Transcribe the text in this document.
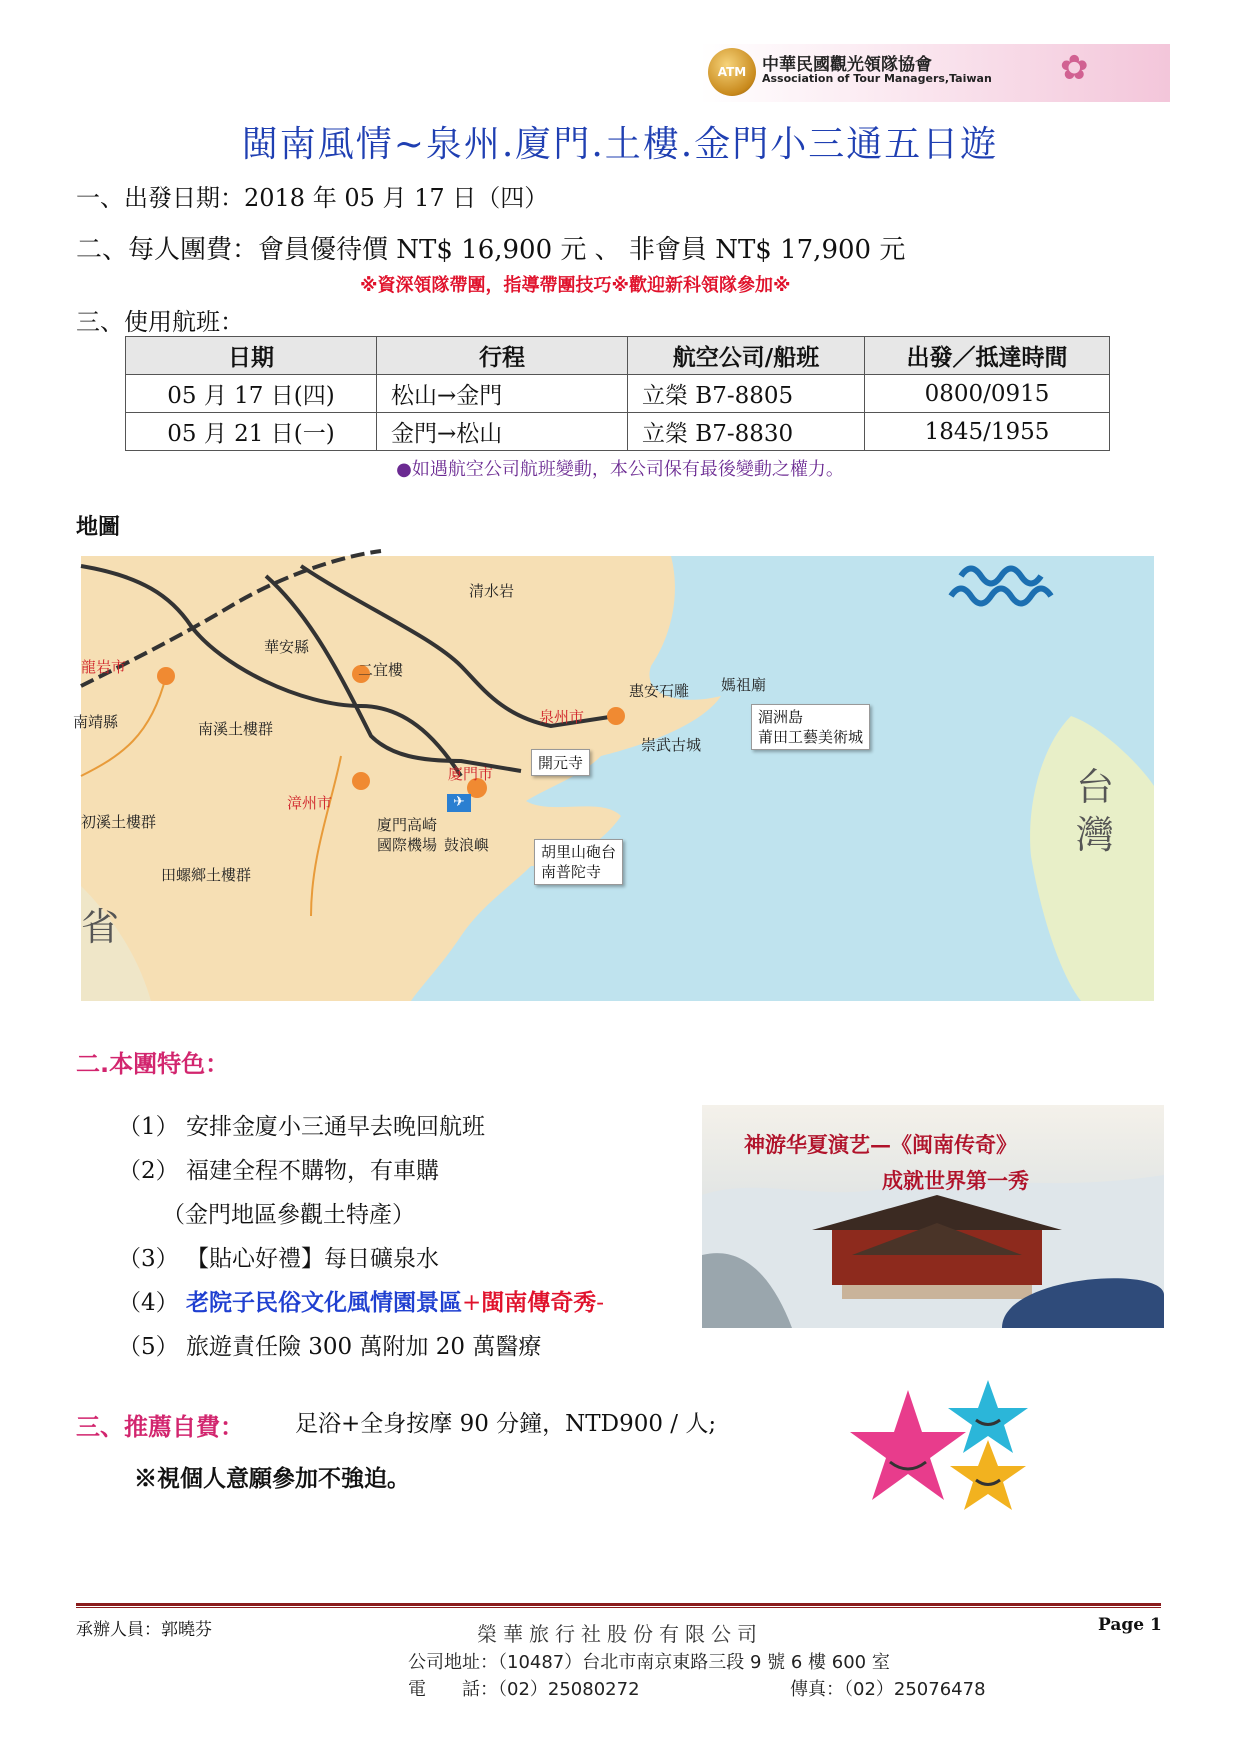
ATM 中華民國觀光領隊協會
Association of Tour Managers,Taiwan ✿
閩南風情~泉州.廈門.土樓.金門小三通五日遊
一、出發日期：2018 年 05 月 17 日（四）
二、每人團費：會員優待價 NT$ 16,900 元 、 非會員 NT$ 17,900 元
※資深領隊帶團，指導帶團技巧※歡迎新科領隊參加※
三、使用航班：
日期	行程	航空公司/船班	出發／抵達時間
05 月 17 日(四)	松山→金門	立榮 B7-8805	0800/0915
05 月 21 日(一)	金門→松山	立榮 B7-8830	1845/1955
●如遇航空公司航班變動，本公司保有最後變動之權力。
地圖
清水岩
華安縣
二宜樓
龍岩市
南靖縣	南溪土樓群
初溪土樓群
田螺鄉土樓群
漳州市
廈門市
廈門高崎
國際機場 鼓浪嶼
泉州市
開元寺
惠安石雕
崇武古城
媽祖廟
湄洲島
莆田工藝美術城
胡里山砲台
南普陀寺
省
台
灣
✈
二.本團特色：
（1） 安排金廈小三通早去晚回航班
（2） 福建全程不購物，有車購
（金門地區參觀土特產）
（3） 【貼心好禮】每日礦泉水
（4） 老院子民俗文化風情園景區+閩南傳奇秀-
（5） 旅遊責任險 300 萬附加 20 萬醫療
神游华夏演艺—《闽南传奇》
成就世界第一秀
三、推薦自費： 足浴+全身按摩 90 分鐘，NTD900 / 人;
※視個人意願參加不強迫。
承辦人員：郭曉芬	榮華旅行社股份有限公司	Page 1
公司地址：（10487）台北市南京東路三段 9 號 6 樓 600 室
電　　話：（02）25080272	傳真：（02）25076478
